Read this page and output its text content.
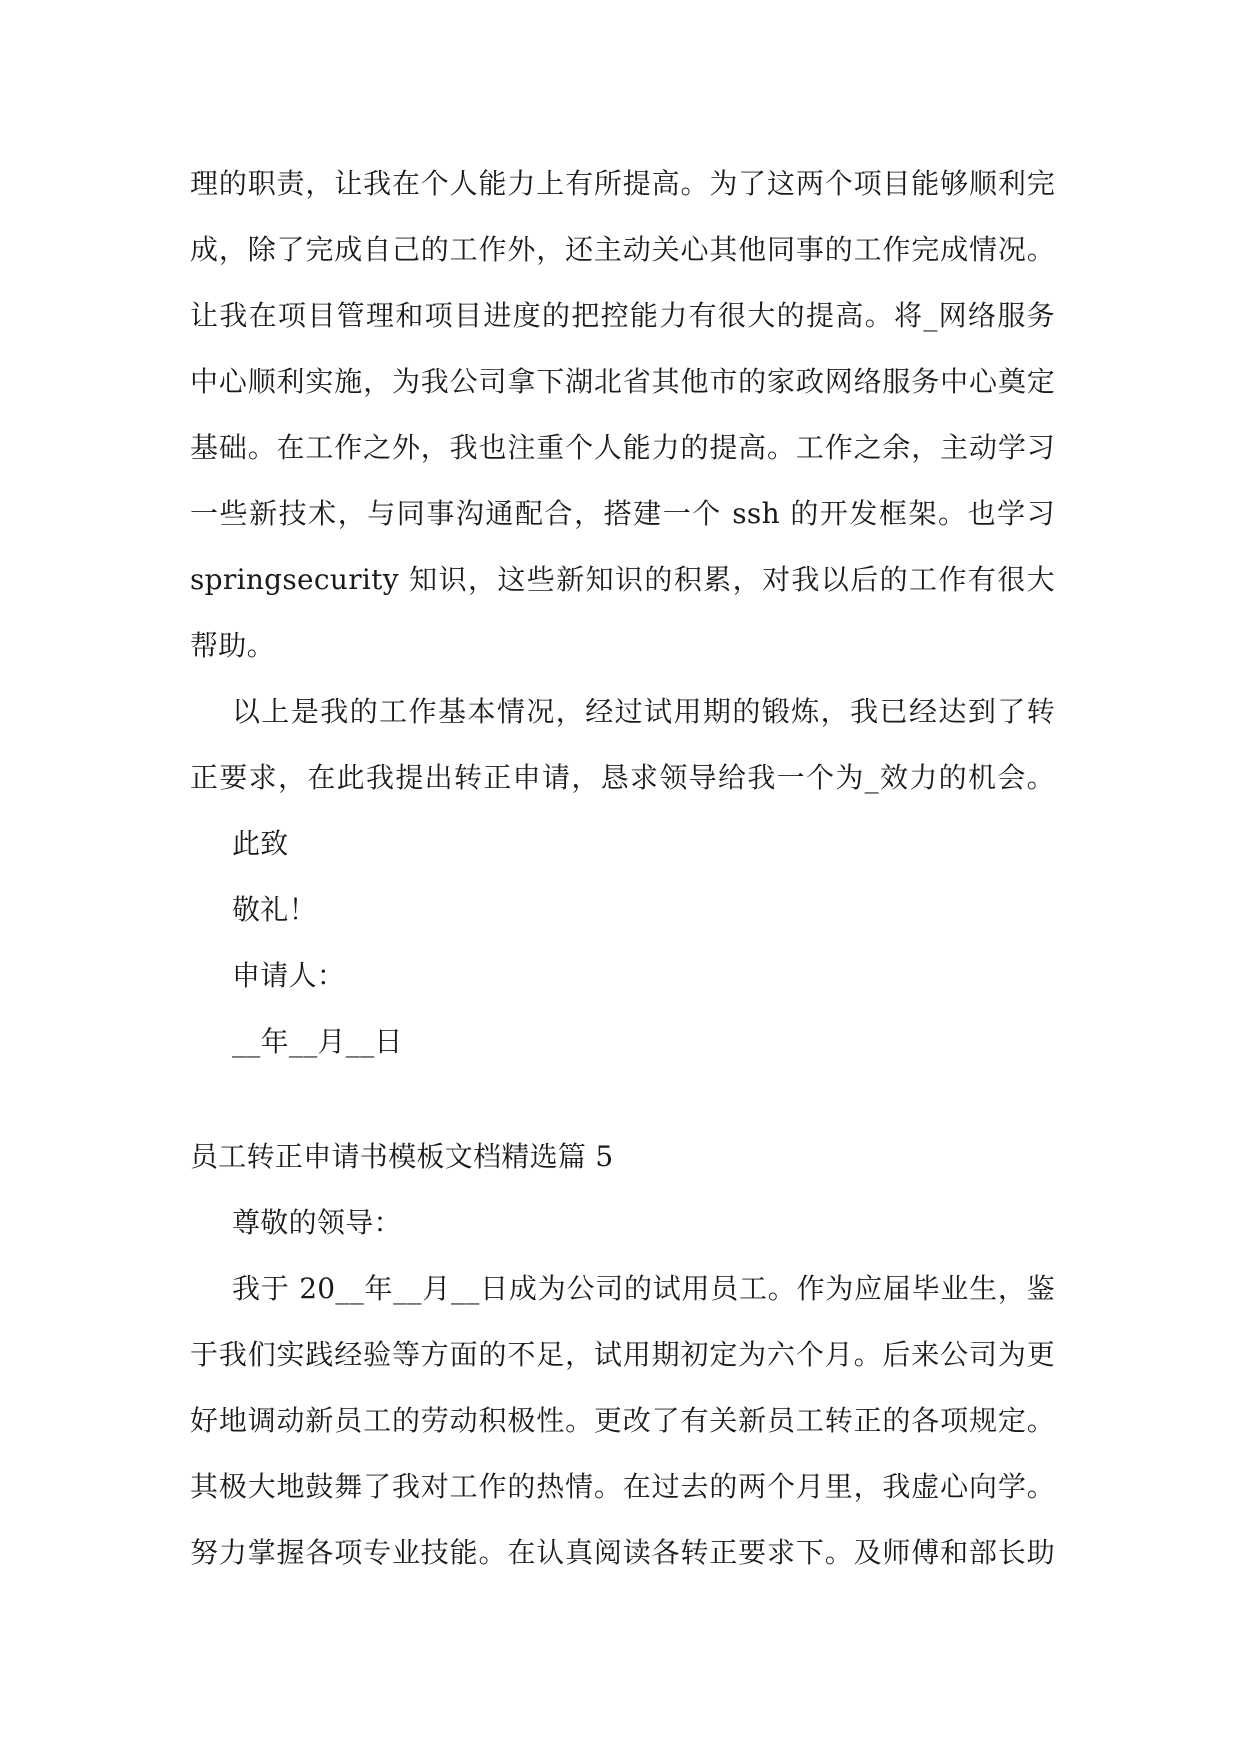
理的职责，让我在个人能力上有所提高。为了这两个项目能够顺利完
成，除了完成自己的工作外，还主动关心其他同事的工作完成情况。
让我在项目管理和项目进度的把控能力有很大的提高。将_网络服务
中心顺利实施，为我公司拿下湖北省其他市的家政网络服务中心奠定
基础。在工作之外，我也注重个人能力的提高。工作之余，主动学习
一些新技术，与同事沟通配合，搭建一个 ssh 的开发框架。也学习
springsecurity 知识，这些新知识的积累，对我以后的工作有很大
帮助。
以上是我的工作基本情况，经过试用期的锻炼，我已经达到了转
正要求，在此我提出转正申请，恳求领导给我一个为_效力的机会。
此致
敬礼！
申请人：
__年__月__日
员工转正申请书模板文档精选篇 5
尊敬的领导：
我于 20__年__月__日成为公司的试用员工。作为应届毕业生，鉴
于我们实践经验等方面的不足，试用期初定为六个月。后来公司为更
好地调动新员工的劳动积极性。更改了有关新员工转正的各项规定。
其极大地鼓舞了我对工作的热情。在过去的两个月里，我虚心向学。
努力掌握各项专业技能。在认真阅读各转正要求下。及师傅和部长助
